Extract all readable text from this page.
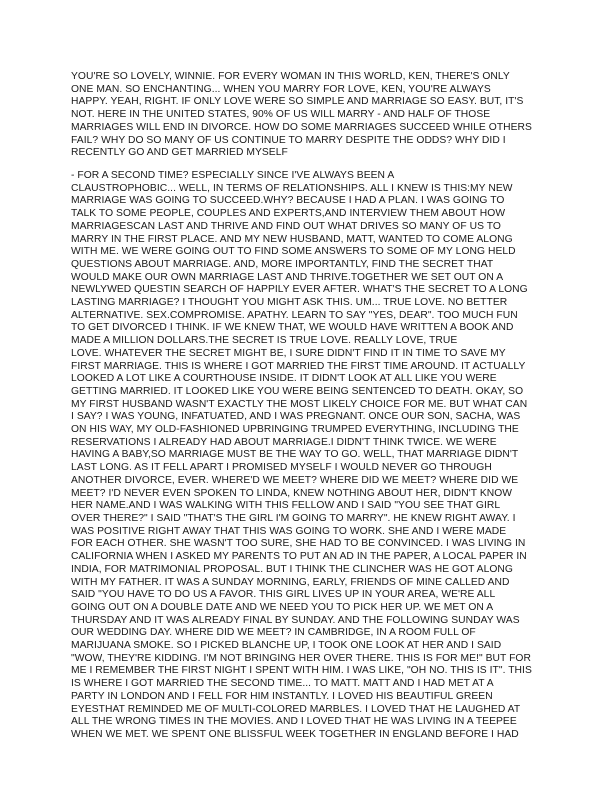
YOU'RE SO LOVELY, WINNIE. FOR EVERY WOMAN IN THIS WORLD, KEN, THERE'S ONLY
ONE MAN. SO ENCHANTING... WHEN YOU MARRY FOR LOVE, KEN, YOU'RE ALWAYS
HAPPY. YEAH, RIGHT. IF ONLY LOVE WERE SO SIMPLE AND MARRIAGE SO EASY. BUT, IT'S
NOT. HERE IN THE UNITED STATES, 90% OF US WILL MARRY - AND HALF OF THOSE
MARRIAGES WILL END IN DIVORCE. HOW DO SOME MARRIAGES SUCCEED WHILE OTHERS
FAIL? WHY DO SO MANY OF US CONTINUE TO MARRY DESPITE THE ODDS? WHY DID I
RECENTLY GO AND GET MARRIED MYSELF

- FOR A SECOND TIME? ESPECIALLY SINCE I'VE ALWAYS BEEN A
CLAUSTROPHOBIC... WELL, IN TERMS OF RELATIONSHIPS. ALL I KNEW IS THIS:MY NEW
MARRIAGE WAS GOING TO SUCCEED.WHY? BECAUSE I HAD A PLAN. I WAS GOING TO
TALK TO SOME PEOPLE, COUPLES AND EXPERTS,AND INTERVIEW THEM ABOUT HOW
MARRIAGESCAN LAST AND THRIVE AND FIND OUT WHAT DRIVES SO MANY OF US TO
MARRY IN THE FIRST PLACE. AND MY NEW HUSBAND, MATT, WANTED TO COME ALONG
WITH ME. WE WERE GOING OUT TO FIND SOME ANSWERS TO SOME OF MY LONG HELD
QUESTIONS ABOUT MARRIAGE. AND, MORE IMPORTANTLY, FIND THE SECRET THAT
WOULD MAKE OUR OWN MARRIAGE LAST AND THRIVE.TOGETHER WE SET OUT ON A
NEWLYWED QUESTIN SEARCH OF HAPPILY EVER AFTER. WHAT'S THE SECRET TO A LONG
LASTING MARRIAGE? I THOUGHT YOU MIGHT ASK THIS. UM... TRUE LOVE. NO BETTER
ALTERNATIVE. SEX.COMPROMISE. APATHY. LEARN TO SAY "YES, DEAR". TOO MUCH FUN
TO GET DIVORCED I THINK. IF WE KNEW THAT, WE WOULD HAVE WRITTEN A BOOK AND
MADE A MILLION DOLLARS.THE SECRET IS TRUE LOVE. REALLY LOVE, TRUE
LOVE. WHATEVER THE SECRET MIGHT BE, I SURE DIDN'T FIND IT IN TIME TO SAVE MY
FIRST MARRIAGE. THIS IS WHERE I GOT MARRIED THE FIRST TIME AROUND. IT ACTUALLY
LOOKED A LOT LIKE A COURTHOUSE INSIDE. IT DIDN'T LOOK AT ALL LIKE YOU WERE
GETTING MARRIED. IT LOOKED LIKE YOU WERE BEING SENTENCED TO DEATH. OKAY, SO
MY FIRST HUSBAND WASN'T EXACTLY THE MOST LIKELY CHOICE FOR ME. BUT WHAT CAN
I SAY? I WAS YOUNG, INFATUATED, AND I WAS PREGNANT. ONCE OUR SON, SACHA, WAS
ON HIS WAY, MY OLD-FASHIONED UPBRINGING TRUMPED EVERYTHING, INCLUDING THE
RESERVATIONS I ALREADY HAD ABOUT MARRIAGE.I DIDN'T THINK TWICE. WE WERE
HAVING A BABY,SO MARRIAGE MUST BE THE WAY TO GO. WELL, THAT MARRIAGE DIDN'T
LAST LONG. AS IT FELL APART I PROMISED MYSELF I WOULD NEVER GO THROUGH
ANOTHER DIVORCE, EVER. WHERE'D WE MEET? WHERE DID WE MEET? WHERE DID WE
MEET? I'D NEVER EVEN SPOKEN TO LINDA, KNEW NOTHING ABOUT HER, DIDN'T KNOW
HER NAME.AND I WAS WALKING WITH THIS FELLOW AND I SAID "YOU SEE THAT GIRL
OVER THERE?" I SAID "THAT'S THE GIRL I'M GOING TO MARRY". HE KNEW RIGHT AWAY. I
WAS POSITIVE RIGHT AWAY THAT THIS WAS GOING TO WORK. SHE AND I WERE MADE
FOR EACH OTHER. SHE WASN'T TOO SURE, SHE HAD TO BE CONVINCED. I WAS LIVING IN
CALIFORNIA WHEN I ASKED MY PARENTS TO PUT AN AD IN THE PAPER, A LOCAL PAPER IN
INDIA, FOR MATRIMONIAL PROPOSAL. BUT I THINK THE CLINCHER WAS HE GOT ALONG
WITH MY FATHER. IT WAS A SUNDAY MORNING, EARLY, FRIENDS OF MINE CALLED AND
SAID "YOU HAVE TO DO US A FAVOR. THIS GIRL LIVES UP IN YOUR AREA, WE'RE ALL
GOING OUT ON A DOUBLE DATE AND WE NEED YOU TO PICK HER UP. WE MET ON A
THURSDAY AND IT WAS ALREADY FINAL BY SUNDAY. AND THE FOLLOWING SUNDAY WAS
OUR WEDDING DAY. WHERE DID WE MEET? IN CAMBRIDGE, IN A ROOM FULL OF
MARIJUANA SMOKE. SO I PICKED BLANCHE UP, I TOOK ONE LOOK AT HER AND I SAID
"WOW, THEY'RE KIDDING. I'M NOT BRINGING HER OVER THERE. THIS IS FOR ME!" BUT FOR
ME I REMEMBER THE FIRST NIGHT I SPENT WITH HIM. I WAS LIKE, "OH NO. THIS IS IT". THIS
IS WHERE I GOT MARRIED THE SECOND TIME... TO MATT. MATT AND I HAD MET AT A
PARTY IN LONDON AND I FELL FOR HIM INSTANTLY. I LOVED HIS BEAUTIFUL GREEN
EYESTHAT REMINDED ME OF MULTI-COLORED MARBLES. I LOVED THAT HE LAUGHED AT
ALL THE WRONG TIMES IN THE MOVIES. AND I LOVED THAT HE WAS LIVING IN A TEEPEE
WHEN WE MET. WE SPENT ONE BLISSFUL WEEK TOGETHER IN ENGLAND BEFORE I HAD
